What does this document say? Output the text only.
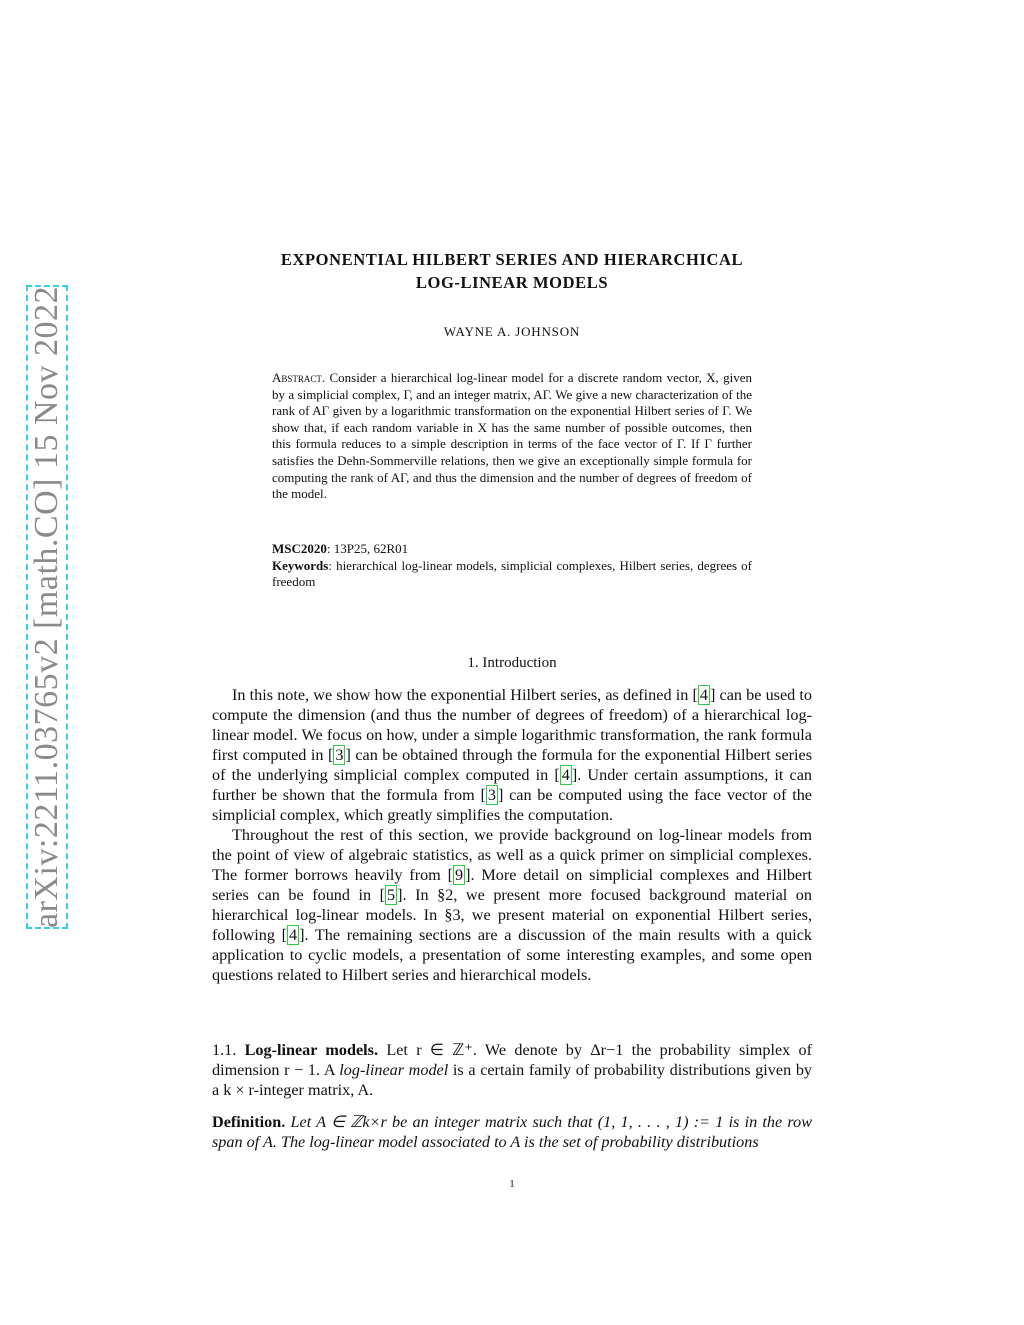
arXiv:2211.03765v2 [math.CO] 15 Nov 2022
EXPONENTIAL HILBERT SERIES AND HIERARCHICAL
LOG-LINEAR MODELS
WAYNE A. JOHNSON
Abstract. Consider a hierarchical log-linear model for a discrete random vector, X, given by a simplicial complex, Γ, and an integer matrix, AΓ. We give a new characterization of the rank of AΓ given by a logarithmic transformation on the exponential Hilbert series of Γ. We show that, if each random variable in X has the same number of possible outcomes, then this formula reduces to a simple description in terms of the face vector of Γ. If Γ further satisfies the Dehn-Sommerville relations, then we give an exceptionally simple formula for computing the rank of AΓ, and thus the dimension and the number of degrees of freedom of the model.
MSC2020: 13P25, 62R01
Keywords: hierarchical log-linear models, simplicial complexes, Hilbert series, degrees of freedom
1. Introduction

In this note, we show how the exponential Hilbert series, as defined in [ 4 ] can be used to compute the dimension (and thus the number of degrees of freedom) of a hierarchical log-linear model. We focus on how, under a simple logarithmic transformation, the rank formula first computed in [ 3 ] can be obtained through the formula for the exponential Hilbert series of the underlying simplicial complex computed in [ 4 ]. Under certain assumptions, it can further be shown that the formula from [ 3 ] can be computed using the face vector of the simplicial complex, which greatly simplifies the computation.

Throughout the rest of this section, we provide background on log-linear models from the point of view of algebraic statistics, as well as a quick primer on simplicial complexes. The former borrows heavily from [ 9 ]. More detail on simplicial complexes and Hilbert series can be found in [ 5 ]. In §2, we present more focused background material on hierarchical log-linear models. In §3, we present material on exponential Hilbert series, following [ 4 ]. The remaining sections are a discussion of the main results with a quick application to cyclic models, a presentation of some interesting examples, and some open questions related to Hilbert series and hierarchical models.

1.1. Log-linear models. Let r ∈ ℤ⁺. We denote by Δr−1 the probability simplex of dimension r − 1. A log-linear model is a certain family of probability distributions given by a k × r-integer matrix, A.
Definition. Let A ∈ ℤk×r be an integer matrix such that (1, 1, . . . , 1) := 1 is in the row span of A. The log-linear model associated to A is the set of probability distributions
1
